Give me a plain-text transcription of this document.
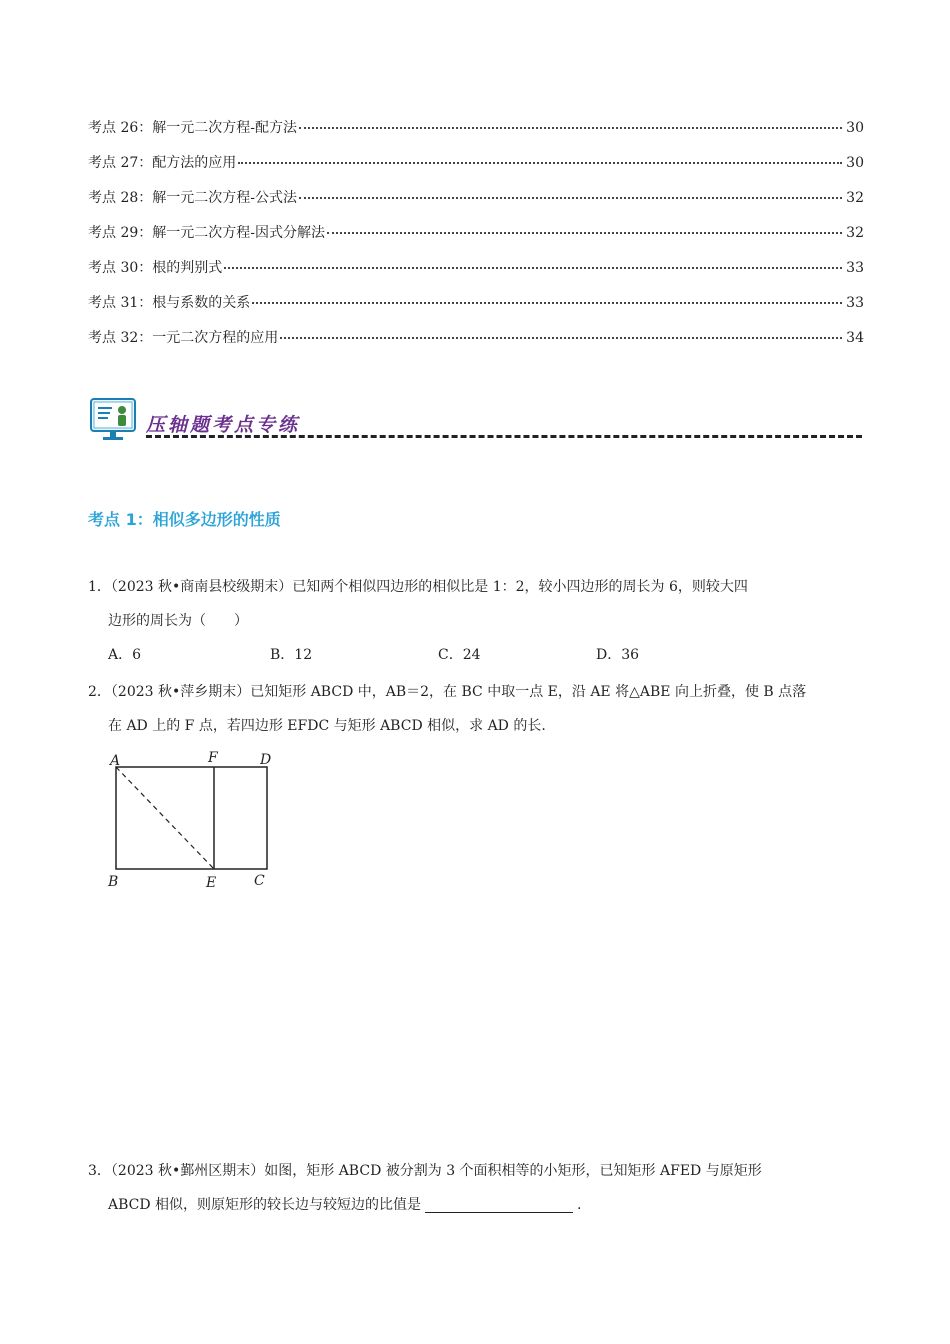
考点 26：解一元二次方程-配方法	30
考点 27：配方法的应用	30
考点 28：解一元二次方程-公式法	32
考点 29：解一元二次方程-因式分解法	32
考点 30：根的判别式	33
考点 31：根与系数的关系	33
考点 32：一元二次方程的应用	34
压轴题考点专练
考点 1：相似多边形的性质
1．（2023 秋•商南县校级期末）已知两个相似四边形的相似比是 1：2，较小四边形的周长为 6，则较大四
边形的周长为（　　）
A．6	B．12	C．24	D．36
2．（2023 秋•萍乡期末）已知矩形 ABCD 中，AB＝2，在 BC 中取一点 E，沿 AE 将△ABE 向上折叠，使 B 点落
在 AD 上的 F 点，若四边形 EFDC 与矩形 ABCD 相似，求 AD 的长.
A	F	D
B	E	C
3．（2023 秋•鄞州区期末）如图，矩形 ABCD 被分割为 3 个面积相等的小矩形，已知矩形 AFED 与原矩形
ABCD 相似，则原矩形的较长边与较短边的比值是	.
